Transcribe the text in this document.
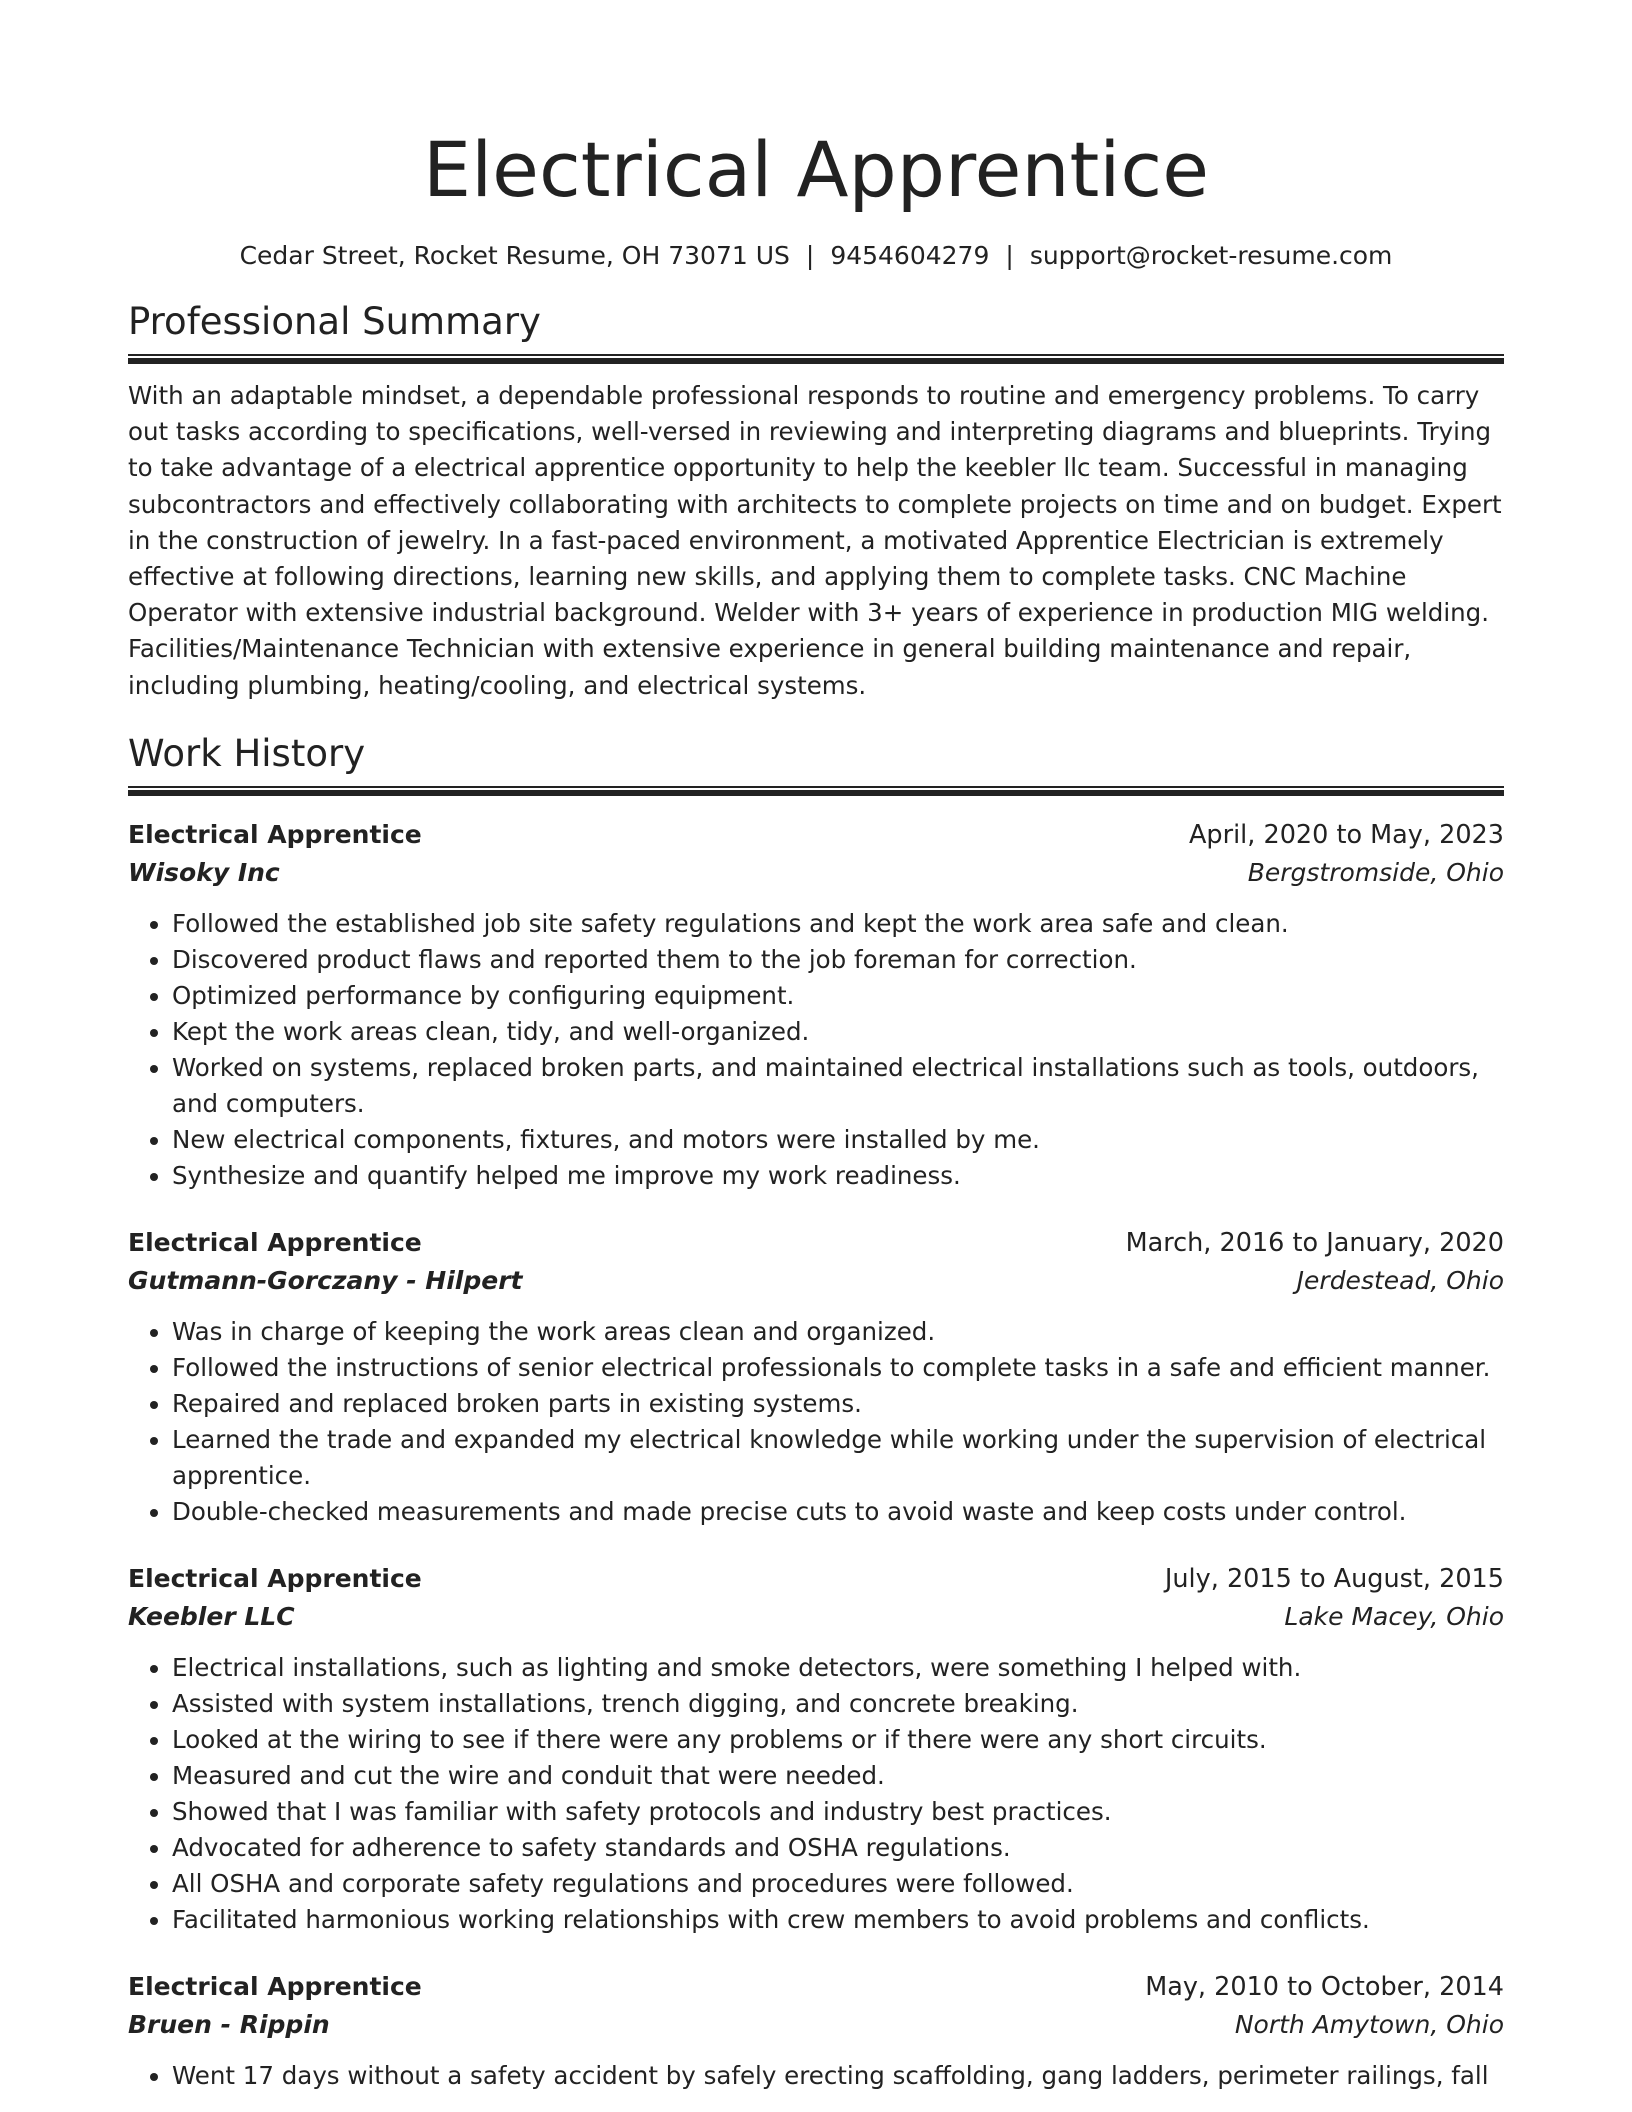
Electrical Apprentice
Cedar Street, Rocket Resume, OH 73071 US | 9454604279 | support@rocket-resume.com
Professional Summary

With an adaptable mindset, a dependable professional responds to routine and emergency problems. To carry out tasks according to specifications, well-versed in reviewing and interpreting diagrams and blueprints. Trying to take advantage of a electrical apprentice opportunity to help the keebler llc team. Successful in managing subcontractors and effectively collaborating with architects to complete projects on time and on budget. Expert in the construction of jewelry. In a fast-paced environment, a motivated Apprentice Electrician is extremely effective at following directions, learning new skills, and applying them to complete tasks. CNC Machine Operator with extensive industrial background. Welder with 3+ years of experience in production MIG welding. Facilities/Maintenance Technician with extensive experience in general building maintenance and repair, including plumbing, heating/cooling, and electrical systems.

Work History
Electrical Apprentice	April, 2020 to May, 2023
Wisoky Inc	Bergstromside, Ohio
• Followed the established job site safety regulations and kept the work area safe and clean.
• Discovered product flaws and reported them to the job foreman for correction.
• Optimized performance by configuring equipment.
• Kept the work areas clean, tidy, and well-organized.
• Worked on systems, replaced broken parts, and maintained electrical installations such as tools, outdoors, and computers.
• New electrical components, fixtures, and motors were installed by me.
• Synthesize and quantify helped me improve my work readiness.
Electrical Apprentice	March, 2016 to January, 2020
Gutmann-Gorczany - Hilpert	Jerdestead, Ohio
• Was in charge of keeping the work areas clean and organized.
• Followed the instructions of senior electrical professionals to complete tasks in a safe and efficient manner.
• Repaired and replaced broken parts in existing systems.
• Learned the trade and expanded my electrical knowledge while working under the supervision of electrical apprentice.
• Double-checked measurements and made precise cuts to avoid waste and keep costs under control.
Electrical Apprentice	July, 2015 to August, 2015
Keebler LLC	Lake Macey, Ohio
• Electrical installations, such as lighting and smoke detectors, were something I helped with.
• Assisted with system installations, trench digging, and concrete breaking.
• Looked at the wiring to see if there were any problems or if there were any short circuits.
• Measured and cut the wire and conduit that were needed.
• Showed that I was familiar with safety protocols and industry best practices.
• Advocated for adherence to safety standards and OSHA regulations.
• All OSHA and corporate safety regulations and procedures were followed.
• Facilitated harmonious working relationships with crew members to avoid problems and conflicts.
Electrical Apprentice	May, 2010 to October, 2014
Bruen - Rippin	North Amytown, Ohio
• Went 17 days without a safety accident by safely erecting scaffolding, gang ladders, perimeter railings, fall
